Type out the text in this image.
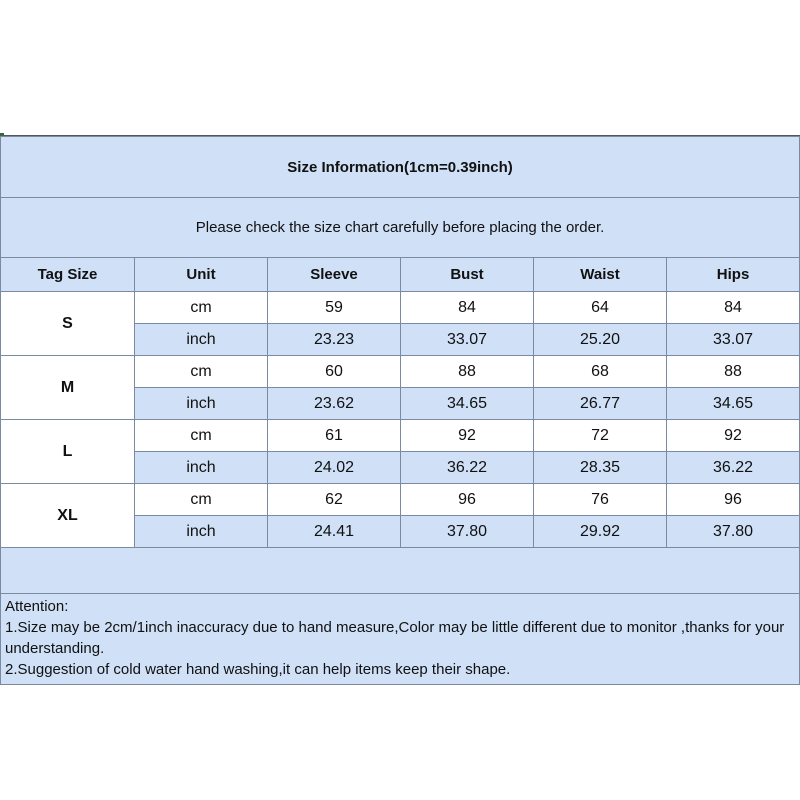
Size Information(1cm=0.39inch)					
Please check the size chart carefully before placing the order.					
Tag Size	Unit	Sleeve	Bust	Waist	Hips
S	cm	59	84	64	84
	inch	23.23	33.07	25.20	33.07
M	cm	60	88	68	88
	inch	23.62	34.65	26.77	34.65
L	cm	61	92	72	92
	inch	24.02	36.22	28.35	36.22
XL	cm	62	96	76	96
	inch	24.41	37.80	29.92	37.80

Attention:

1.Size may be 2cm/1inch inaccuracy due to hand measure,Color may be little different due to monitor ,thanks for your understanding.

2.Suggestion of cold water hand washing,it can help items keep their shape.					
